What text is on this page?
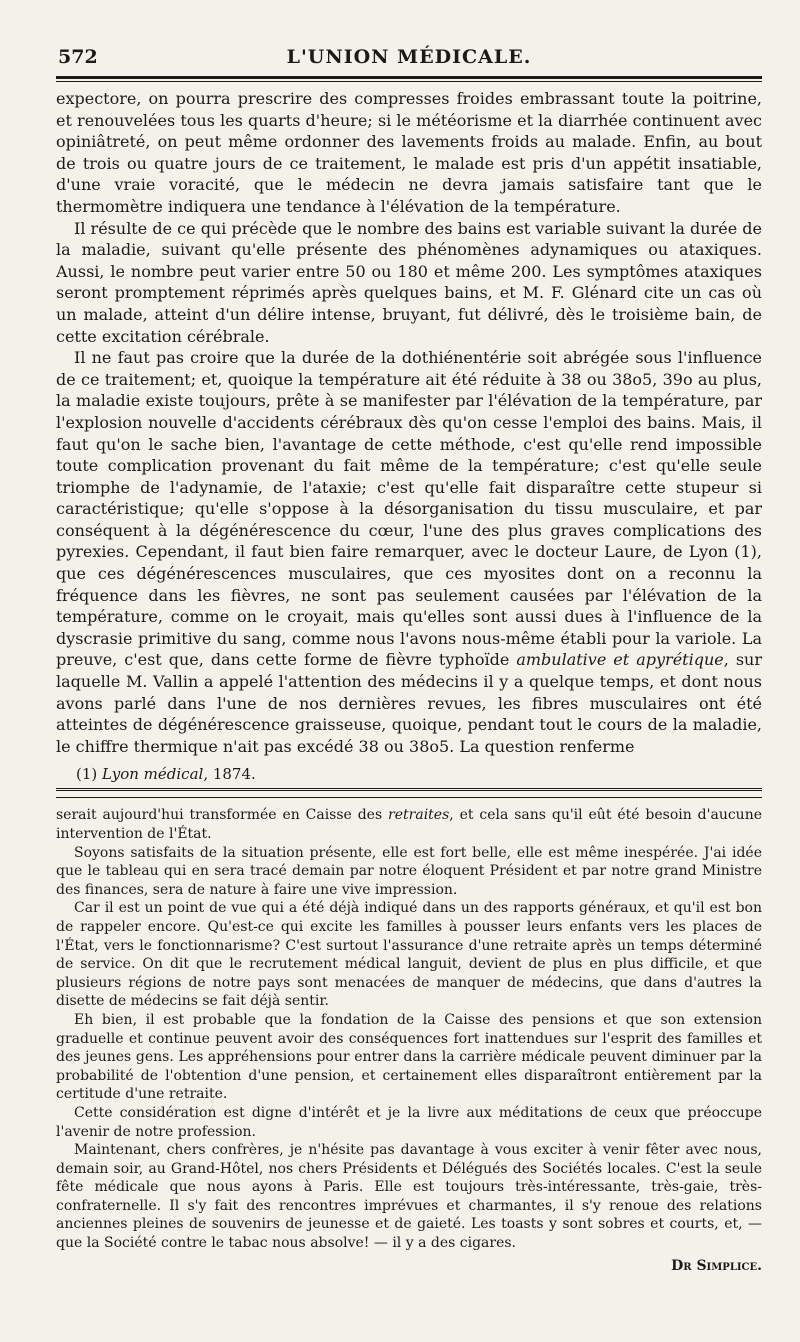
572	L'UNION MÉDICALE.

expectore, on pourra prescrire des compresses froides embrassant toute la poitrine, et renouvelées tous les quarts d'heure; si le météorisme et la diarrhée continuent avec opiniâtreté, on peut même ordonner des lavements froids au malade. Enfin, au bout de trois ou quatre jours de ce traitement, le malade est pris d'un appétit insatiable, d'une vraie voracité, que le médecin ne devra jamais satisfaire tant que le thermomètre indiquera une tendance à l'élévation de la température.

Il résulte de ce qui précède que le nombre des bains est variable suivant la durée de la maladie, suivant qu'elle présente des phénomènes adynamiques ou ataxiques. Aussi, le nombre peut varier entre 50 ou 180 et même 200. Les symptômes ataxiques seront promptement réprimés après quelques bains, et M. F. Glénard cite un cas où un malade, atteint d'un délire intense, bruyant, fut délivré, dès le troisième bain, de cette excitation cérébrale.

Il ne faut pas croire que la durée de la dothiénentérie soit abrégée sous l'influence de ce traitement; et, quoique la température ait été réduite à 38 ou 38o5, 39o au plus, la maladie existe toujours, prête à se manifester par l'élévation de la température, par l'explosion nouvelle d'accidents cérébraux dès qu'on cesse l'emploi des bains. Mais, il faut qu'on le sache bien, l'avantage de cette méthode, c'est qu'elle rend impossible toute complication provenant du fait même de la température; c'est qu'elle seule triomphe de l'adynamie, de l'ataxie; c'est qu'elle fait disparaître cette stupeur si caractéristique; qu'elle s'oppose à la désorganisation du tissu musculaire, et par conséquent à la dégénérescence du cœur, l'une des plus graves complications des pyrexies. Cependant, il faut bien faire remarquer, avec le docteur Laure, de Lyon (1), que ces dégénérescences musculaires, que ces myosites dont on a reconnu la fréquence dans les fièvres, ne sont pas seulement causées par l'élévation de la température, comme on le croyait, mais qu'elles sont aussi dues à l'influence de la dyscrasie primitive du sang, comme nous l'avons nous-même établi pour la variole. La preuve, c'est que, dans cette forme de fièvre typhoïde ambulative et apyrétique, sur laquelle M. Vallin a appelé l'attention des médecins il y a quelque temps, et dont nous avons parlé dans l'une de nos dernières revues, les fibres musculaires ont été atteintes de dégénérescence graisseuse, quoique, pendant tout le cours de la maladie, le chiffre thermique n'ait pas excédé 38 ou 38o5. La question renferme

(1) Lyon médical, 1874.

serait aujourd'hui transformée en Caisse des retraites, et cela sans qu'il eût été besoin d'aucune intervention de l'État.

Soyons satisfaits de la situation présente, elle est fort belle, elle est même inespérée. J'ai idée que le tableau qui en sera tracé demain par notre éloquent Président et par notre grand Ministre des finances, sera de nature à faire une vive impression.

Car il est un point de vue qui a été déjà indiqué dans un des rapports généraux, et qu'il est bon de rappeler encore. Qu'est-ce qui excite les familles à pousser leurs enfants vers les places de l'État, vers le fonctionnarisme? C'est surtout l'assurance d'une retraite après un temps déterminé de service. On dit que le recrutement médical languit, devient de plus en plus difficile, et que plusieurs régions de notre pays sont menacées de manquer de médecins, que dans d'autres la disette de médecins se fait déjà sentir.

Eh bien, il est probable que la fondation de la Caisse des pensions et que son extension graduelle et continue peuvent avoir des conséquences fort inattendues sur l'esprit des familles et des jeunes gens. Les appréhensions pour entrer dans la carrière médicale peuvent diminuer par la probabilité de l'obtention d'une pension, et certainement elles disparaîtront entièrement par la certitude d'une retraite.

Cette considération est digne d'intérêt et je la livre aux méditations de ceux que préoccupe l'avenir de notre profession.

Maintenant, chers confrères, je n'hésite pas davantage à vous exciter à venir fêter avec nous, demain soir, au Grand-Hôtel, nos chers Présidents et Délégués des Sociétés locales. C'est la seule fête médicale que nous ayons à Paris. Elle est toujours très-intéressante, très-gaie, très-confraternelle. Il s'y fait des rencontres imprévues et charmantes, il s'y renoue des relations anciennes pleines de souvenirs de jeunesse et de gaieté. Les toasts y sont sobres et courts, et, — que la Société contre le tabac nous absolve! — il y a des cigares.

Dr Simplice.
